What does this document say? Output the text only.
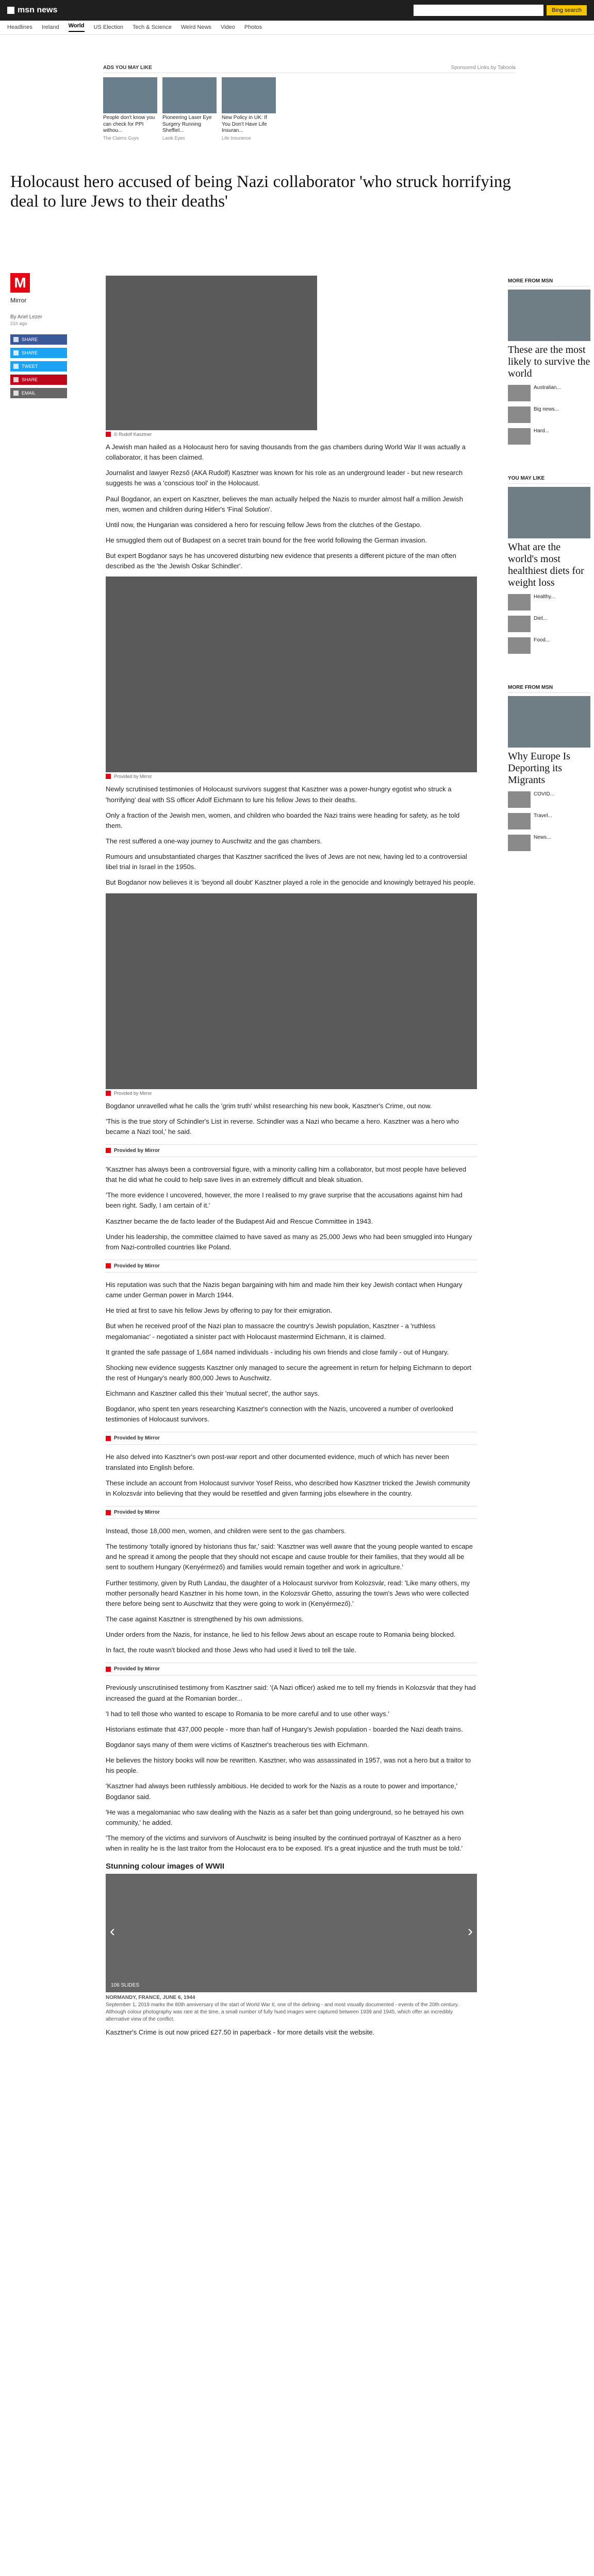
msn news	Bing search
Headlines Ireland World US Election Tech & Science Weird News Video Photos
ADS YOU MAY LIKE	Sponsored Links by Taboola
People don't know you can check for PPI withou...
The Claims Guys
Pioneering Laser Eye Surgery Running Sheffiel...
Lasik Eyes
New Policy in UK: If You Don't Have Life Insuran...
Life Insurance
Holocaust hero accused of being Nazi collaborator 'who struck horrifying deal to lure Jews to their deaths'
M
Mirror
By Ariel Lezer
21h ago
SHARE
SHARE
TWEET
SHARE
EMAIL
© Rudolf Kasztner

A Jewish man hailed as a Holocaust hero for saving thousands from the gas chambers during World War II was actually a collaborator, it has been claimed.

Journalist and lawyer Rezső (AKA Rudolf) Kasztner was known for his role as an underground leader - but new research suggests he was a 'conscious tool' in the Holocaust.

Paul Bogdanor, an expert on Kasztner, believes the man actually helped the Nazis to murder almost half a million Jewish men, women and children during Hitler's 'Final Solution'.

Until now, the Hungarian was considered a hero for rescuing fellow Jews from the clutches of the Gestapo.

He smuggled them out of Budapest on a secret train bound for the free world following the German invasion.

But expert Bogdanor says he has uncovered disturbing new evidence that presents a different picture of the man often described as the 'the Jewish Oskar Schindler'.

Provided by Mirror

Newly scrutinised testimonies of Holocaust survivors suggest that Kasztner was a power-hungry egotist who struck a 'horrifying' deal with SS officer Adolf Eichmann to lure his fellow Jews to their deaths.

Only a fraction of the Jewish men, women, and children who boarded the Nazi trains were heading for safety, as he told them.

The rest suffered a one-way journey to Auschwitz and the gas chambers.

Rumours and unsubstantiated charges that Kasztner sacrificed the lives of Jews are not new, having led to a controversial libel trial in Israel in the 1950s.

But Bogdanor now believes it is 'beyond all doubt' Kasztner played a role in the genocide and knowingly betrayed his people.

Provided by Mirror

Bogdanor unravelled what he calls the 'grim truth' whilst researching his new book, Kasztner's Crime, out now.

'This is the true story of Schindler's List in reverse. Schindler was a Nazi who became a hero. Kasztner was a hero who became a Nazi tool,' he said.

Provided by Mirror

'Kasztner has always been a controversial figure, with a minority calling him a collaborator, but most people have believed that he did what he could to help save lives in an extremely difficult and bleak situation.

'The more evidence I uncovered, however, the more I realised to my grave surprise that the accusations against him had been right. Sadly, I am certain of it.'

Kasztner became the de facto leader of the Budapest Aid and Rescue Committee in 1943.

Under his leadership, the committee claimed to have saved as many as 25,000 Jews who had been smuggled into Hungary from Nazi-controlled countries like Poland.

Provided by Mirror

His reputation was such that the Nazis began bargaining with him and made him their key Jewish contact when Hungary came under German power in March 1944.

He tried at first to save his fellow Jews by offering to pay for their emigration.

But when he received proof of the Nazi plan to massacre the country's Jewish population, Kasztner - a 'ruthless megalomaniac' - negotiated a sinister pact with Holocaust mastermind Eichmann, it is claimed.

It granted the safe passage of 1,684 named individuals - including his own friends and close family - out of Hungary.

Shocking new evidence suggests Kasztner only managed to secure the agreement in return for helping Eichmann to deport the rest of Hungary's nearly 800,000 Jews to Auschwitz.

Eichmann and Kasztner called this their 'mutual secret', the author says.

Bogdanor, who spent ten years researching Kasztner's connection with the Nazis, uncovered a number of overlooked testimonies of Holocaust survivors.

Provided by Mirror

He also delved into Kasztner's own post-war report and other documented evidence, much of which has never been translated into English before.

These include an account from Holocaust survivor Yosef Reiss, who described how Kasztner tricked the Jewish community in Kolozsvár into believing that they would be resettled and given farming jobs elsewhere in the country.

Provided by Mirror

Instead, those 18,000 men, women, and children were sent to the gas chambers.

The testimony 'totally ignored by historians thus far,' said: 'Kasztner was well aware that the young people wanted to escape and he spread it among the people that they should not escape and cause trouble for their families, that they would all be sent to southern Hungary (Kenyérmező) and families would remain together and work in agriculture.'

Further testimony, given by Ruth Landau, the daughter of a Holocaust survivor from Kolozsvár, read: 'Like many others, my mother personally heard Kasztner in his home town, in the Kolozsvár Ghetto, assuring the town's Jews who were collected there before being sent to Auschwitz that they were going to work in (Kenyérmező).'

The case against Kasztner is strengthened by his own admissions.

Under orders from the Nazis, for instance, he lied to his fellow Jews about an escape route to Romania being blocked.

In fact, the route wasn't blocked and those Jews who had used it lived to tell the tale.

Provided by Mirror

Previously unscrutinised testimony from Kasztner said: '(A Nazi officer) asked me to tell my friends in Kolozsvár that they had increased the guard at the Romanian border...

'I had to tell those who wanted to escape to Romania to be more careful and to use other ways.'

Historians estimate that 437,000 people - more than half of Hungary's Jewish population - boarded the Nazi death trains.

Bogdanor says many of them were victims of Kasztner's treacherous ties with Eichmann.

He believes the history books will now be rewritten. Kasztner, who was assassinated in 1957, was not a hero but a traitor to his people.

'Kasztner had always been ruthlessly ambitious. He decided to work for the Nazis as a route to power and importance,' Bogdanor said.

'He was a megalomaniac who saw dealing with the Nazis as a safer bet than going underground, so he betrayed his own community,' he added.

'The memory of the victims and survivors of Auschwitz is being insulted by the continued portrayal of Kasztner as a hero when in reality he is the last traitor from the Holocaust era to be exposed. It's a great injustice and the truth must be told.'

Stunning colour images of WWII
‹	›
106 SLIDES
NORMANDY, FRANCE, JUNE 6, 1944
September 1, 2019 marks the 80th anniversary of the start of World War II, one of the defining - and most visually documented - events of the 20th century. Although colour photography was rare at the time, a small number of fully hued images were captured between 1939 and 1945, which offer an incredibly alternative view of the conflict.

Kasztner's Crime is out now priced £27.50 in paperback - for more details visit the website.

MORE FROM MSN
These are the most likely to survive the world
Australian...
Big news...
Hard...
YOU MAY LIKE
What are the world's most healthiest diets for weight loss
Healthy...
Diet...
Food...
MORE FROM MSN
Why Europe Is Deporting its Migrants
COVID...
Travel...
News...
